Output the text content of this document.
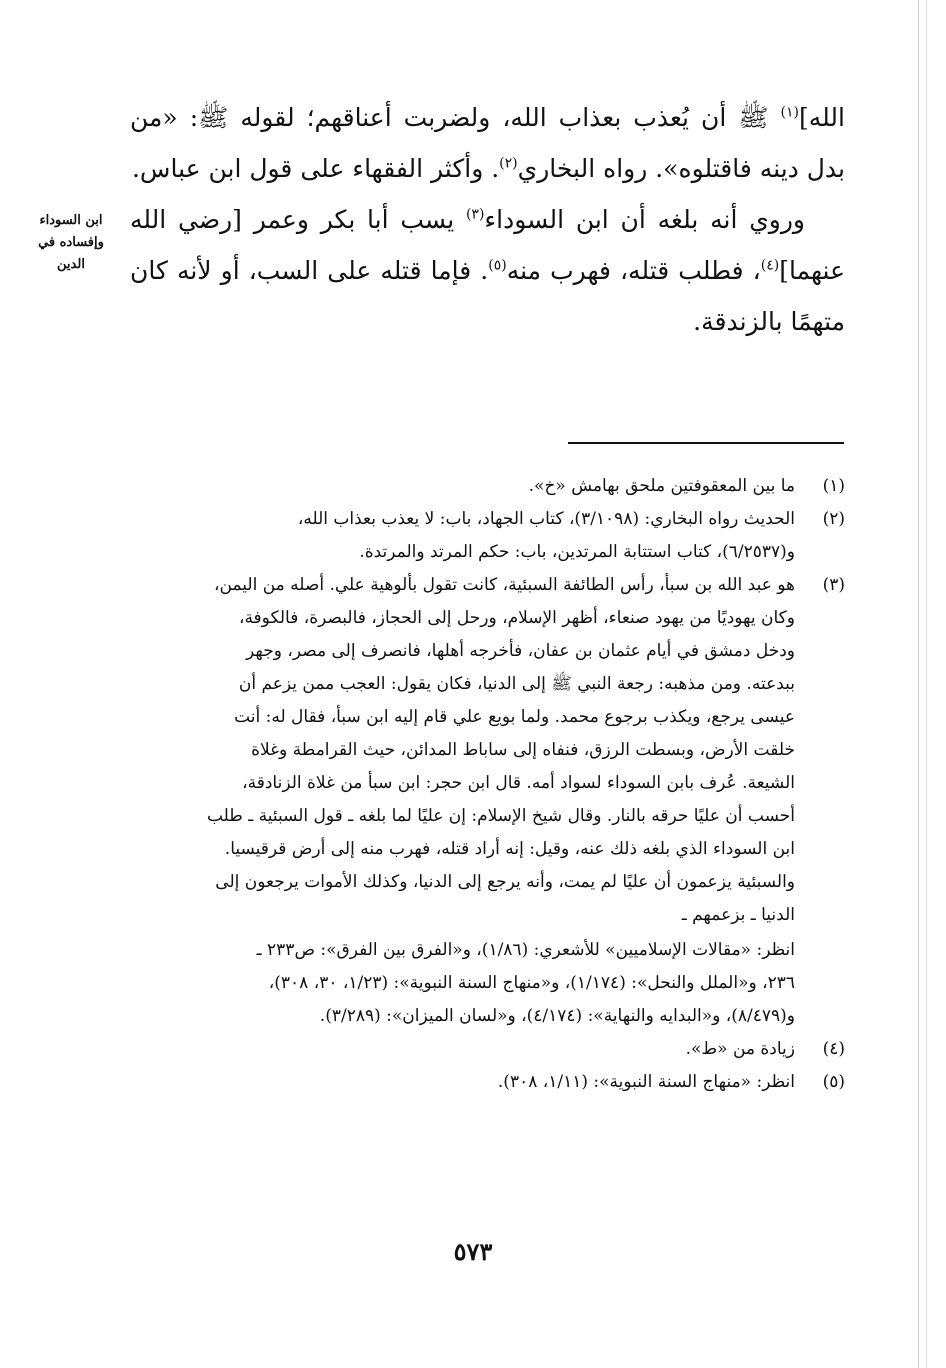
الله]$^{(١)}$ ﷺ أن يُعذب بعذاب الله، ولضربت أعناقهم؛ لقوله ﷺ: «من بدل دينه فاقتلوه». رواه البخاري$^{(٢)}$. وأكثر الفقهاء على قول ابن عباس.

وروي أنه بلغه أن ابن السوداء$^{(٣)}$ يسب أبا بكر وعمر [رضي الله عنهما]$^{(٤)}$، فطلب قتله، فهرب منه$^{(٥)}$. فإما قتله على السب، أو لأنه كان متهمًا بالزندقة.

ابن السوداء
وإفساده في الدين
(١)
ما بين المعقوفتين ملحق بهامش «خ».
(٢)
الحديث رواه البخاري: (٣/١٠٩٨)، كتاب الجهاد، باب: لا يعذب بعذاب الله،
و(٦/٢٥٣٧)، كتاب استتابة المرتدين، باب: حكم المرتد والمرتدة.
(٣)
هو عبد الله بن سبأ، رأس الطائفة السبئية، كانت تقول بألوهية علي. أصله من اليمن،
وكان يهوديًا من يهود صنعاء، أظهر الإسلام، ورحل إلى الحجاز، فالبصرة، فالكوفة،
ودخل دمشق في أيام عثمان بن عفان، فأخرجه أهلها، فانصرف إلى مصر، وجهر
ببدعته. ومن مذهبه: رجعة النبي ﷺ إلى الدنيا، فكان يقول: العجب ممن يزعم أن
عيسى يرجع، ويكذب برجوع محمد. ولما بويع علي قام إليه ابن سبأ، فقال له: أنت
خلقت الأرض، وبسطت الرزق، فنفاه إلى ساباط المدائن، حيث القرامطة وغلاة
الشيعة. عُرف بابن السوداء لسواد أمه. قال ابن حجر: ابن سبأ من غلاة الزنادقة،
أحسب أن عليًا حرقه بالنار. وقال شيخ الإسلام: إن عليًا لما بلغه ـ قول السبئية ـ طلب
ابن السوداء الذي بلغه ذلك عنه، وقيل: إنه أراد قتله، فهرب منه إلى أرض قرقيسيا.
والسبئية يزعمون أن عليًا لم يمت، وأنه يرجع إلى الدنيا، وكذلك الأموات يرجعون إلى
الدنيا ـ بزعمهم ـ
انظر: «مقالات الإسلاميين» للأشعري: (١/٨٦)، و«الفرق بين الفرق»: ص٢٣٣ ـ
٢٣٦، و«الملل والنحل»: (١/١٧٤)، و«منهاج السنة النبوية»: (١/٢٣، ٣٠، ٣٠٨)،
و(٨/٤٧٩)، و«البدايه والنهاية»: (٤/١٧٤)، و«لسان الميزان»: (٣/٢٨٩).
(٤)
زيادة من «ط».
(٥)
انظر: «منهاج السنة النبوية»: (١/١١، ٣٠٨).
٥٧٣
